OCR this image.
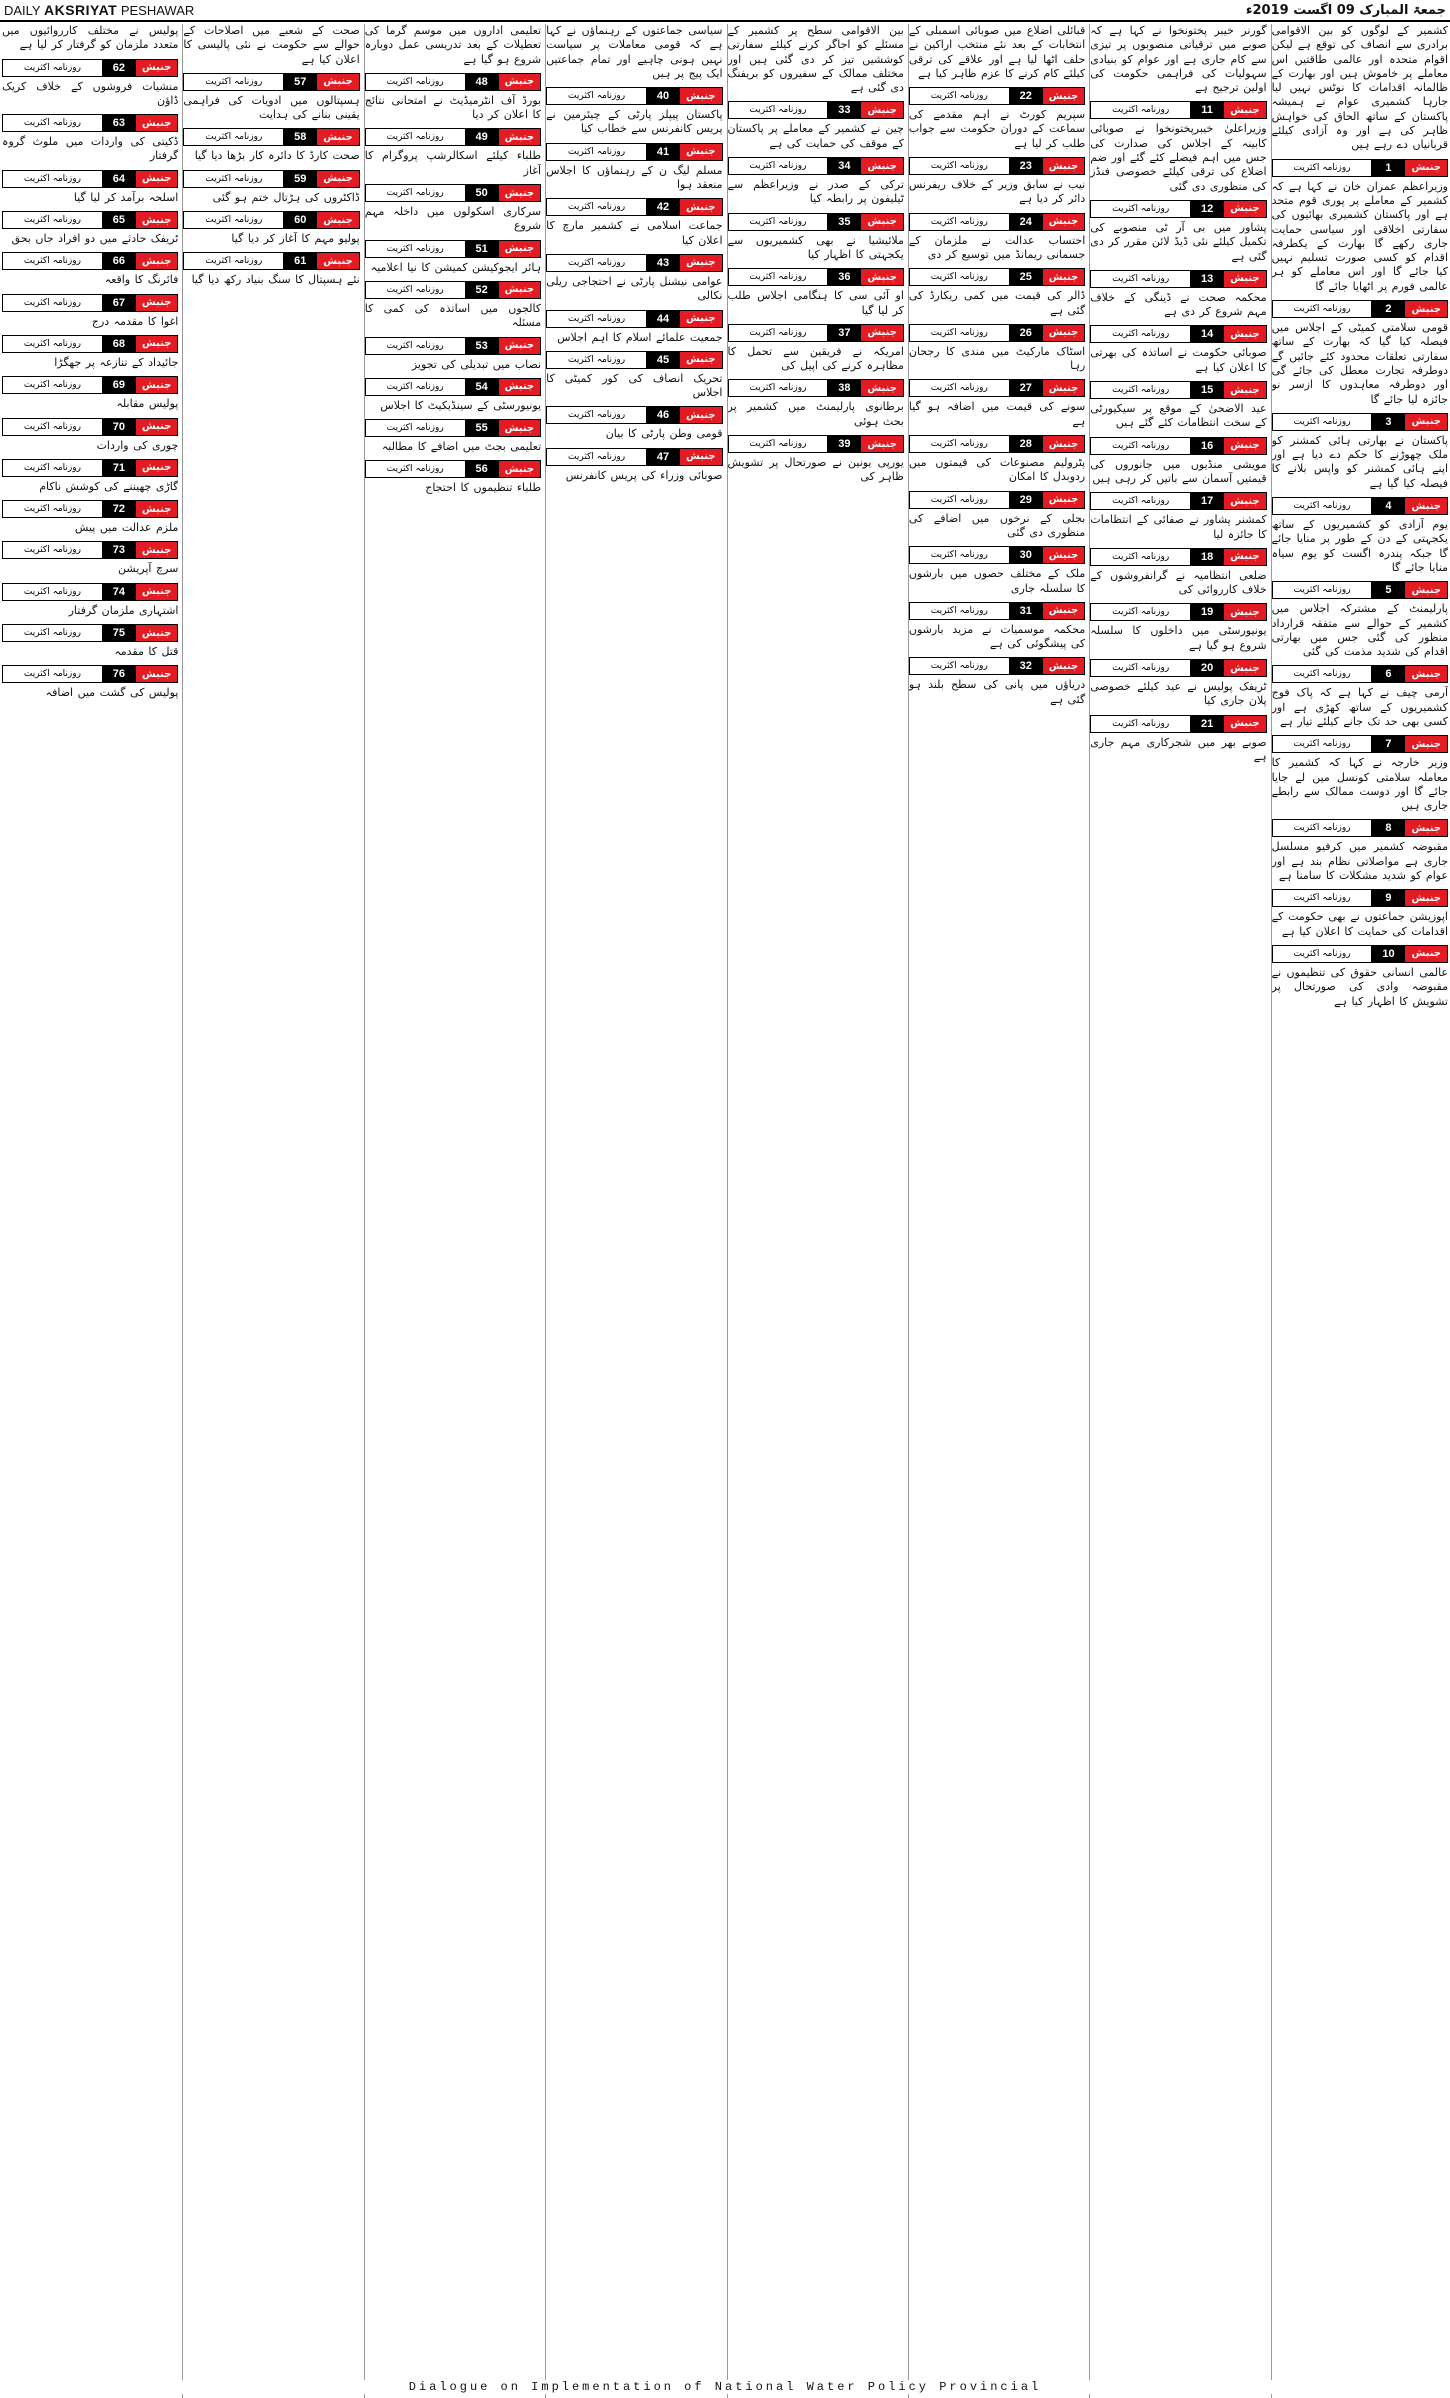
DAILY AKSRIYAT PESHAWAR	جمعۃ المبارک 09 اگست 2019ء
کشمیر کے لوگوں کو بین الاقوامی برادری سے انصاف کی توقع ہے لیکن اقوام متحدہ اور عالمی طاقتیں اس معاملے پر خاموش ہیں اور بھارت کے ظالمانہ اقدامات کا نوٹس نہیں لیا جارہا کشمیری عوام نے ہمیشہ پاکستان کے ساتھ الحاق کی خواہش ظاہر کی ہے اور وہ آزادی کیلئے قربانیاں دے رہے ہیں
جنبش
1
روزنامہ اکثریت
وزیراعظم عمران خان نے کہا ہے کہ کشمیر کے معاملے پر پوری قوم متحد ہے اور پاکستان کشمیری بھائیوں کی سفارتی اخلاقی اور سیاسی حمایت جاری رکھے گا بھارت کے یکطرفہ اقدام کو کسی صورت تسلیم نہیں کیا جائے گا اور اس معاملے کو ہر عالمی فورم پر اٹھایا جائے گا
جنبش
2
روزنامہ اکثریت
قومی سلامتی کمیٹی کے اجلاس میں فیصلہ کیا گیا کہ بھارت کے ساتھ سفارتی تعلقات محدود کئے جائیں گے دوطرفہ تجارت معطل کی جائے گی اور دوطرفہ معاہدوں کا ازسر نو جائزہ لیا جائے گا
جنبش
3
روزنامہ اکثریت
پاکستان نے بھارتی ہائی کمشنر کو ملک چھوڑنے کا حکم دے دیا ہے اور اپنے ہائی کمشنر کو واپس بلانے کا فیصلہ کیا گیا ہے
جنبش
4
روزنامہ اکثریت
یوم آزادی کو کشمیریوں کے ساتھ یکجہتی کے دن کے طور پر منایا جائے گا جبکہ پندرہ اگست کو یوم سیاہ منایا جائے گا
جنبش
5
روزنامہ اکثریت
پارلیمنٹ کے مشترکہ اجلاس میں کشمیر کے حوالے سے متفقہ قرارداد منظور کی گئی جس میں بھارتی اقدام کی شدید مذمت کی گئی
جنبش
6
روزنامہ اکثریت
آرمی چیف نے کہا ہے کہ پاک فوج کشمیریوں کے ساتھ کھڑی ہے اور کسی بھی حد تک جانے کیلئے تیار ہے
جنبش
7
روزنامہ اکثریت
وزیر خارجہ نے کہا کہ کشمیر کا معاملہ سلامتی کونسل میں لے جایا جائے گا اور دوست ممالک سے رابطے جاری ہیں
جنبش
8
روزنامہ اکثریت
مقبوضہ کشمیر میں کرفیو مسلسل جاری ہے مواصلاتی نظام بند ہے اور عوام کو شدید مشکلات کا سامنا ہے
جنبش
9
روزنامہ اکثریت
اپوزیشن جماعتوں نے بھی حکومت کے اقدامات کی حمایت کا اعلان کیا ہے
جنبش
10
روزنامہ اکثریت
عالمی انسانی حقوق کی تنظیموں نے مقبوضہ وادی کی صورتحال پر تشویش کا اظہار کیا ہے
گورنر خیبر پختونخوا نے کہا ہے کہ صوبے میں ترقیاتی منصوبوں پر تیزی سے کام جاری ہے اور عوام کو بنیادی سہولیات کی فراہمی حکومت کی اولین ترجیح ہے
جنبش
11
روزنامہ اکثریت
وزیراعلیٰ خیبرپختونخوا نے صوبائی کابینہ کے اجلاس کی صدارت کی جس میں اہم فیصلے کئے گئے اور ضم اضلاع کی ترقی کیلئے خصوصی فنڈز کی منظوری دی گئی
جنبش
12
روزنامہ اکثریت
پشاور میں بی آر ٹی منصوبے کی تکمیل کیلئے نئی ڈیڈ لائن مقرر کر دی گئی ہے
جنبش
13
روزنامہ اکثریت
محکمہ صحت نے ڈینگی کے خلاف مہم شروع کر دی ہے
جنبش
14
روزنامہ اکثریت
صوبائی حکومت نے اساتذہ کی بھرتی کا اعلان کیا ہے
جنبش
15
روزنامہ اکثریت
عید الاضحیٰ کے موقع پر سیکیورٹی کے سخت انتظامات کئے گئے ہیں
جنبش
16
روزنامہ اکثریت
مویشی منڈیوں میں جانوروں کی قیمتیں آسمان سے باتیں کر رہی ہیں
جنبش
17
روزنامہ اکثریت
کمشنر پشاور نے صفائی کے انتظامات کا جائزہ لیا
جنبش
18
روزنامہ اکثریت
ضلعی انتظامیہ نے گرانفروشوں کے خلاف کارروائی کی
جنبش
19
روزنامہ اکثریت
یونیورسٹی میں داخلوں کا سلسلہ شروع ہو گیا ہے
جنبش
20
روزنامہ اکثریت
ٹریفک پولیس نے عید کیلئے خصوصی پلان جاری کیا
جنبش
21
روزنامہ اکثریت
صوبے بھر میں شجرکاری مہم جاری ہے
قبائلی اضلاع میں صوبائی اسمبلی کے انتخابات کے بعد نئے منتخب اراکین نے حلف اٹھا لیا ہے اور علاقے کی ترقی کیلئے کام کرنے کا عزم ظاہر کیا ہے
جنبش
22
روزنامہ اکثریت
سپریم کورٹ نے اہم مقدمے کی سماعت کے دوران حکومت سے جواب طلب کر لیا ہے
جنبش
23
روزنامہ اکثریت
نیب نے سابق وزیر کے خلاف ریفرنس دائر کر دیا ہے
جنبش
24
روزنامہ اکثریت
احتساب عدالت نے ملزمان کے جسمانی ریمانڈ میں توسیع کر دی
جنبش
25
روزنامہ اکثریت
ڈالر کی قیمت میں کمی ریکارڈ کی گئی ہے
جنبش
26
روزنامہ اکثریت
اسٹاک مارکیٹ میں مندی کا رجحان رہا
جنبش
27
روزنامہ اکثریت
سونے کی قیمت میں اضافہ ہو گیا ہے
جنبش
28
روزنامہ اکثریت
پٹرولیم مصنوعات کی قیمتوں میں ردوبدل کا امکان
جنبش
29
روزنامہ اکثریت
بجلی کے نرخوں میں اضافے کی منظوری دی گئی
جنبش
30
روزنامہ اکثریت
ملک کے مختلف حصوں میں بارشوں کا سلسلہ جاری
جنبش
31
روزنامہ اکثریت
محکمہ موسمیات نے مزید بارشوں کی پیشگوئی کی ہے
جنبش
32
روزنامہ اکثریت
دریاؤں میں پانی کی سطح بلند ہو گئی ہے
بین الاقوامی سطح پر کشمیر کے مسئلے کو اجاگر کرنے کیلئے سفارتی کوششیں تیز کر دی گئی ہیں اور مختلف ممالک کے سفیروں کو بریفنگ دی گئی ہے
جنبش
33
روزنامہ اکثریت
چین نے کشمیر کے معاملے پر پاکستان کے موقف کی حمایت کی ہے
جنبش
34
روزنامہ اکثریت
ترکی کے صدر نے وزیراعظم سے ٹیلیفون پر رابطہ کیا
جنبش
35
روزنامہ اکثریت
ملائیشیا نے بھی کشمیریوں سے یکجہتی کا اظہار کیا
جنبش
36
روزنامہ اکثریت
او آئی سی کا ہنگامی اجلاس طلب کر لیا گیا
جنبش
37
روزنامہ اکثریت
امریکہ نے فریقین سے تحمل کا مظاہرہ کرنے کی اپیل کی
جنبش
38
روزنامہ اکثریت
برطانوی پارلیمنٹ میں کشمیر پر بحث ہوئی
جنبش
39
روزنامہ اکثریت
یورپی یونین نے صورتحال پر تشویش ظاہر کی
سیاسی جماعتوں کے رہنماؤں نے کہا ہے کہ قومی معاملات پر سیاست نہیں ہونی چاہیے اور تمام جماعتیں ایک پیج پر ہیں
جنبش
40
روزنامہ اکثریت
پاکستان پیپلز پارٹی کے چیئرمین نے پریس کانفرنس سے خطاب کیا
جنبش
41
روزنامہ اکثریت
مسلم لیگ ن کے رہنماؤں کا اجلاس منعقد ہوا
جنبش
42
روزنامہ اکثریت
جماعت اسلامی نے کشمیر مارچ کا اعلان کیا
جنبش
43
روزنامہ اکثریت
عوامی نیشنل پارٹی نے احتجاجی ریلی نکالی
جنبش
44
روزنامہ اکثریت
جمعیت علمائے اسلام کا اہم اجلاس
جنبش
45
روزنامہ اکثریت
تحریک انصاف کی کور کمیٹی کا اجلاس
جنبش
46
روزنامہ اکثریت
قومی وطن پارٹی کا بیان
جنبش
47
روزنامہ اکثریت
صوبائی وزراء کی پریس کانفرنس
تعلیمی اداروں میں موسم گرما کی تعطیلات کے بعد تدریسی عمل دوبارہ شروع ہو گیا ہے
جنبش
48
روزنامہ اکثریت
بورڈ آف انٹرمیڈیٹ نے امتحانی نتائج کا اعلان کر دیا
جنبش
49
روزنامہ اکثریت
طلباء کیلئے اسکالرشپ پروگرام کا آغاز
جنبش
50
روزنامہ اکثریت
سرکاری اسکولوں میں داخلہ مہم شروع
جنبش
51
روزنامہ اکثریت
ہائر ایجوکیشن کمیشن کا نیا اعلامیہ
جنبش
52
روزنامہ اکثریت
کالجوں میں اساتذہ کی کمی کا مسئلہ
جنبش
53
روزنامہ اکثریت
نصاب میں تبدیلی کی تجویز
جنبش
54
روزنامہ اکثریت
یونیورسٹی کے سینڈیکیٹ کا اجلاس
جنبش
55
روزنامہ اکثریت
تعلیمی بجٹ میں اضافے کا مطالبہ
جنبش
56
روزنامہ اکثریت
طلباء تنظیموں کا احتجاج
صحت کے شعبے میں اصلاحات کے حوالے سے حکومت نے نئی پالیسی کا اعلان کیا ہے
جنبش
57
روزنامہ اکثریت
ہسپتالوں میں ادویات کی فراہمی یقینی بنانے کی ہدایت
جنبش
58
روزنامہ اکثریت
صحت کارڈ کا دائرہ کار بڑھا دیا گیا
جنبش
59
روزنامہ اکثریت
ڈاکٹروں کی ہڑتال ختم ہو گئی
جنبش
60
روزنامہ اکثریت
پولیو مہم کا آغاز کر دیا گیا
جنبش
61
روزنامہ اکثریت
نئے ہسپتال کا سنگ بنیاد رکھ دیا گیا
پولیس نے مختلف کارروائیوں میں متعدد ملزمان کو گرفتار کر لیا ہے
جنبش
62
روزنامہ اکثریت
منشیات فروشوں کے خلاف کریک ڈاؤن
جنبش
63
روزنامہ اکثریت
ڈکیتی کی واردات میں ملوث گروہ گرفتار
جنبش
64
روزنامہ اکثریت
اسلحہ برآمد کر لیا گیا
جنبش
65
روزنامہ اکثریت
ٹریفک حادثے میں دو افراد جاں بحق
جنبش
66
روزنامہ اکثریت
فائرنگ کا واقعہ
جنبش
67
روزنامہ اکثریت
اغوا کا مقدمہ درج
جنبش
68
روزنامہ اکثریت
جائیداد کے تنازعہ پر جھگڑا
جنبش
69
روزنامہ اکثریت
پولیس مقابلہ
جنبش
70
روزنامہ اکثریت
چوری کی واردات
جنبش
71
روزنامہ اکثریت
گاڑی چھیننے کی کوشش ناکام
جنبش
72
روزنامہ اکثریت
ملزم عدالت میں پیش
جنبش
73
روزنامہ اکثریت
سرچ آپریشن
جنبش
74
روزنامہ اکثریت
اشتہاری ملزمان گرفتار
جنبش
75
روزنامہ اکثریت
قتل کا مقدمہ
جنبش
76
روزنامہ اکثریت
پولیس کی گشت میں اضافہ
Dialogue on Implementation of National Water Policy Provincial
